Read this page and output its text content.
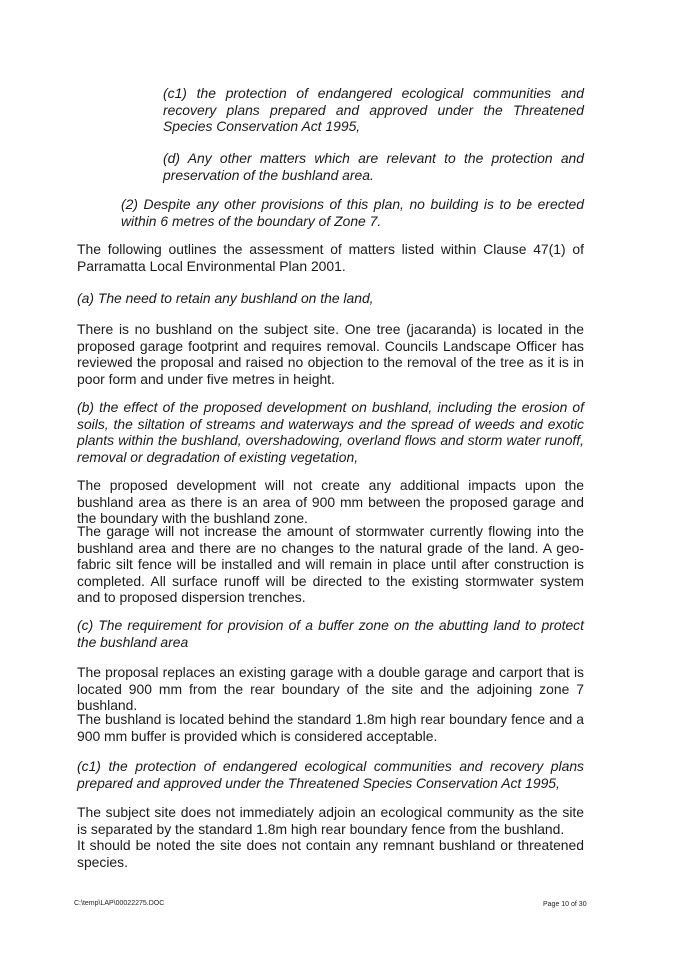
(c1) the protection of endangered ecological communities and recovery plans prepared and approved under the Threatened Species Conservation Act 1995,

(d) Any other matters which are relevant to the protection and preservation of the bushland area.

(2) Despite any other provisions of this plan, no building is to be erected within 6 metres of the boundary of Zone 7.

The following outlines the assessment of matters listed within Clause 47(1) of Parramatta Local Environmental Plan 2001.

(a) The need to retain any bushland on the land,

There is no bushland on the subject site. One tree (jacaranda) is located in the proposed garage footprint and requires removal. Councils Landscape Officer has reviewed the proposal and raised no objection to the removal of the tree as it is in poor form and under five metres in height.

(b) the effect of the proposed development on bushland, including the erosion of soils, the siltation of streams and waterways and the spread of weeds and exotic plants within the bushland, overshadowing, overland flows and storm water runoff, removal or degradation of existing vegetation,

The proposed development will not create any additional impacts upon the bushland area as there is an area of 900 mm between the proposed garage and the boundary with the bushland zone.

The garage will not increase the amount of stormwater currently flowing into the bushland area and there are no changes to the natural grade of the land. A geo-fabric silt fence will be installed and will remain in place until after construction is completed. All surface runoff will be directed to the existing stormwater system and to proposed dispersion trenches.

(c) The requirement for provision of a buffer zone on the abutting land to protect the bushland area

The proposal replaces an existing garage with a double garage and carport that is located 900 mm from the rear boundary of the site and the adjoining zone 7 bushland.

The bushland is located behind the standard 1.8m high rear boundary fence and a 900 mm buffer is provided which is considered acceptable.

(c1) the protection of endangered ecological communities and recovery plans prepared and approved under the Threatened Species Conservation Act 1995,

The subject site does not immediately adjoin an ecological community as the site is separated by the standard 1.8m high rear boundary fence from the bushland.

It should be noted the site does not contain any remnant bushland or threatened species.

C:\temp\LAP\00022275.DOC	Page 10 of 30
